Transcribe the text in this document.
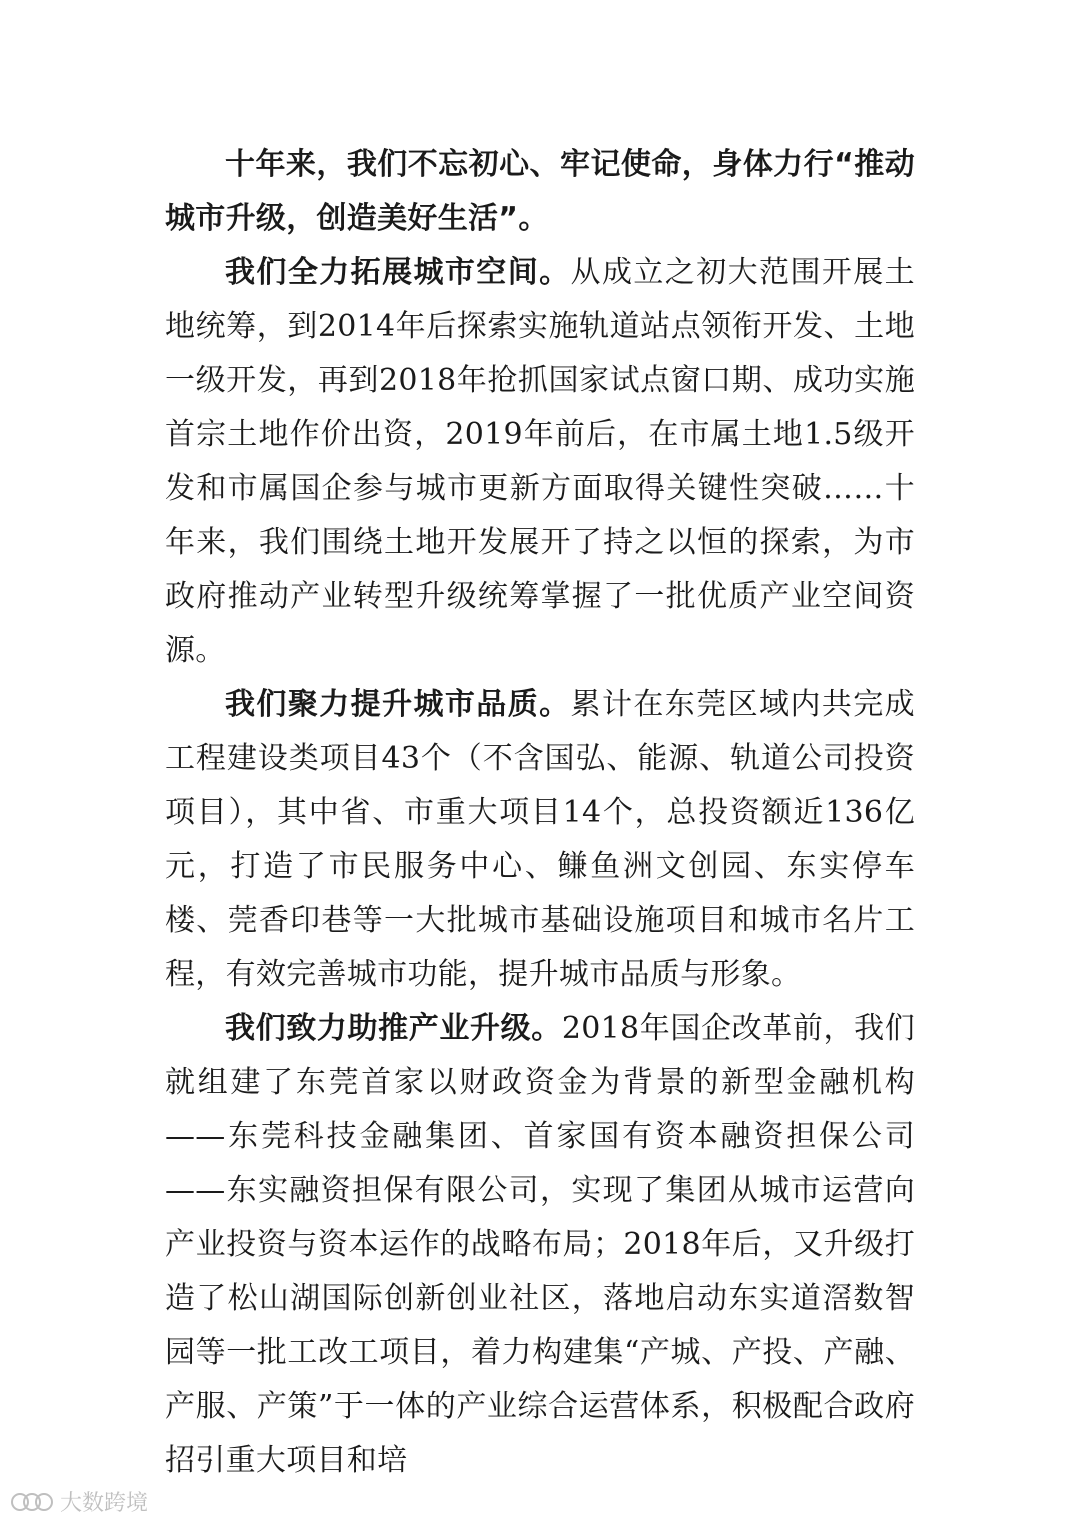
十年来，我们不忘初心、牢记使命，身体力行“推动城市升级，创造美好生活”。

我们全力拓展城市空间。从成立之初大范围开展土地统筹，到2014年后探索实施轨道站点领衔开发、土地一级开发，再到2018年抢抓国家试点窗口期、成功实施首宗土地作价出资，2019年前后，在市属土地1.5级开发和市属国企参与城市更新方面取得关键性突破……十年来，我们围绕土地开发展开了持之以恒的探索，为市政府推动产业转型升级统筹掌握了一批优质产业空间资源。

我们聚力提升城市品质。累计在东莞区域内共完成工程建设类项目43个（不含国弘、能源、轨道公司投资项目），其中省、市重大项目14个，总投资额近136亿元，打造了市民服务中心、鳒鱼洲文创园、东实停车楼、莞香印巷等一大批城市基础设施项目和城市名片工程，有效完善城市功能，提升城市品质与形象。

我们致力助推产业升级。2018年国企改革前，我们就组建了东莞首家以财政资金为背景的新型金融机构——东莞科技金融集团、首家国有资本融资担保公司——东实融资担保有限公司，实现了集团从城市运营向产业投资与资本运作的战略布局；2018年后，又升级打造了松山湖国际创新创业社区，落地启动东实道滘数智园等一批工改工项目，着力构建集“产城、产投、产融、产服、产策”于一体的产业综合运营体系，积极配合政府招引重大项目和培

大数跨境
